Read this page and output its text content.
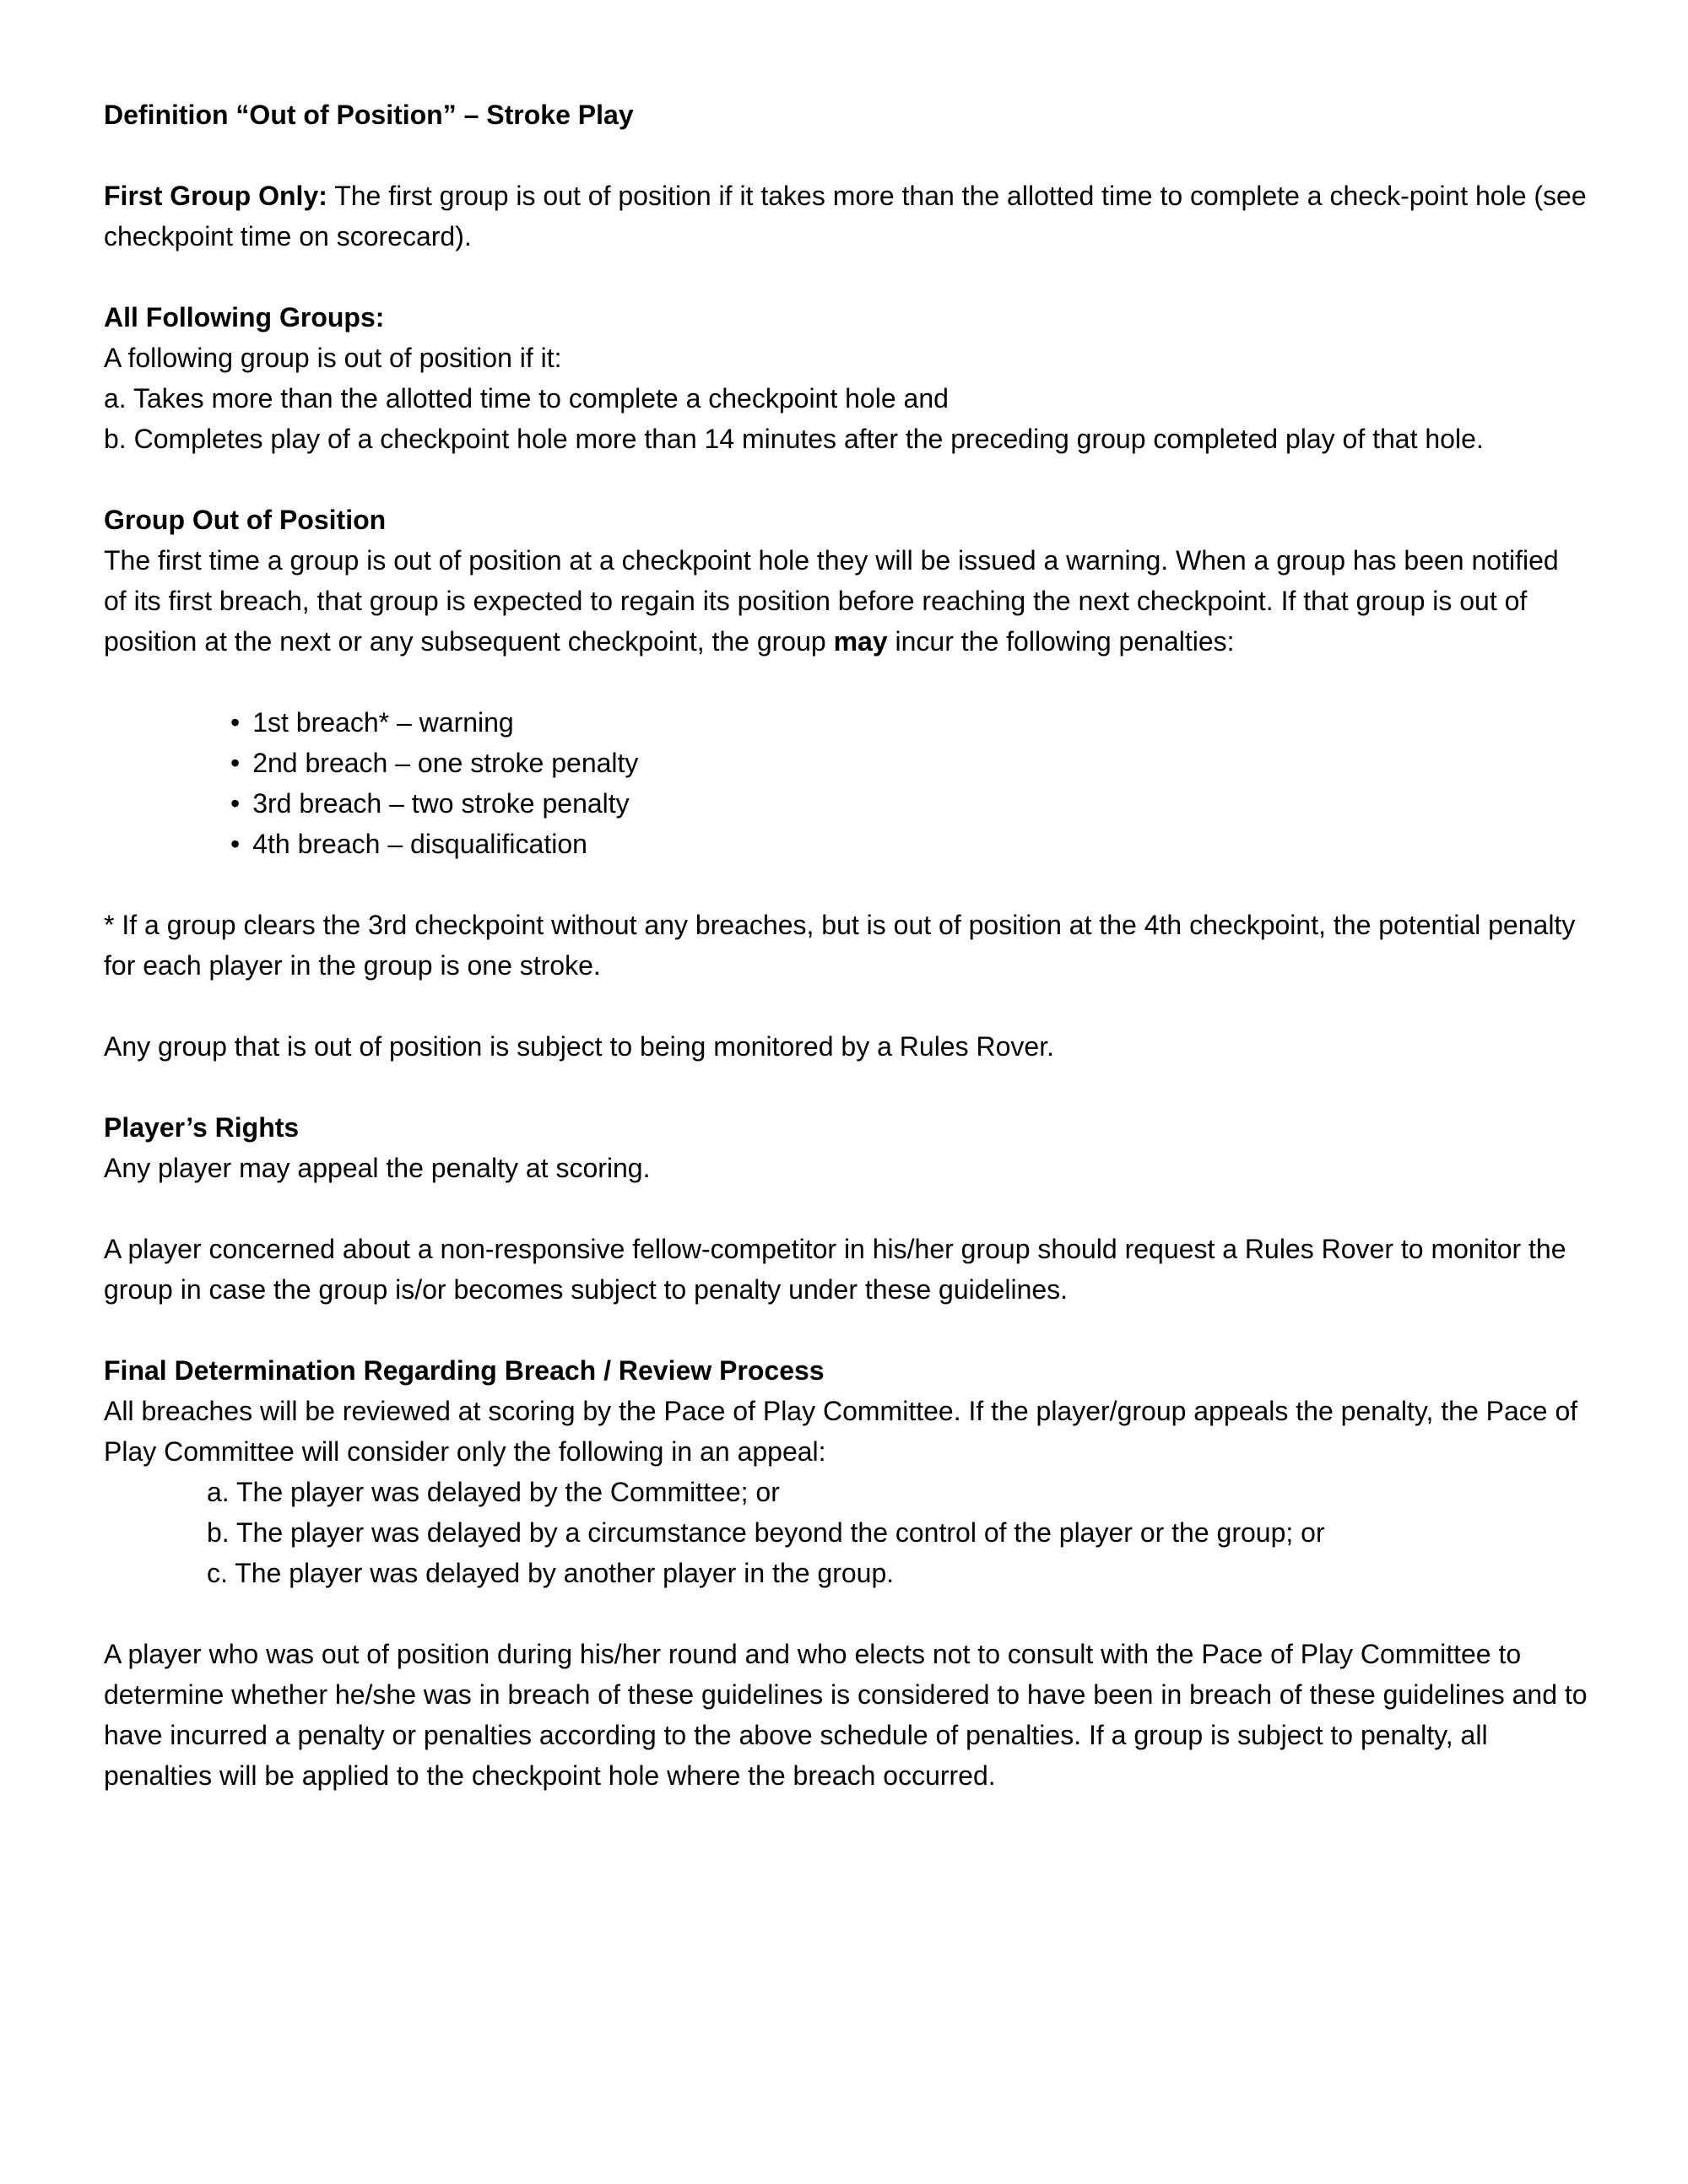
Definition “Out of Position” – Stroke Play

First Group Only: The first group is out of position if it takes more than the allotted time to complete a check-point hole (see checkpoint time on scorecard).

All Following Groups:
A following group is out of position if it:
a. Takes more than the allotted time to complete a checkpoint hole and
b. Completes play of a checkpoint hole more than 14 minutes after the preceding group completed play of that hole.
Group Out of Position
The first time a group is out of position at a checkpoint hole they will be issued a warning. When a group has been notified of its first breach, that group is expected to regain its position before reaching the next checkpoint. If that group is out of position at the next or any subsequent checkpoint, the group may incur the following penalties:
• 1st breach* – warning
• 2nd breach – one stroke penalty
• 3rd breach – two stroke penalty
• 4th breach – disqualification

* If a group clears the 3rd checkpoint without any breaches, but is out of position at the 4th checkpoint, the potential penalty for each player in the group is one stroke.

Any group that is out of position is subject to being monitored by a Rules Rover.

Player’s Rights
Any player may appeal the penalty at scoring.

A player concerned about a non-responsive fellow-competitor in his/her group should request a Rules Rover to monitor the group in case the group is/or becomes subject to penalty under these guidelines.

Final Determination Regarding Breach / Review Process
All breaches will be reviewed at scoring by the Pace of Play Committee. If the player/group appeals the penalty, the Pace of Play Committee will consider only the following in an appeal:
a. The player was delayed by the Committee; or
b. The player was delayed by a circumstance beyond the control of the player or the group; or
c. The player was delayed by another player in the group.

A player who was out of position during his/her round and who elects not to consult with the Pace of Play Committee to determine whether he/she was in breach of these guidelines is considered to have been in breach of these guidelines and to have incurred a penalty or penalties according to the above schedule of penalties. If a group is subject to penalty, all penalties will be applied to the checkpoint hole where the breach occurred.
